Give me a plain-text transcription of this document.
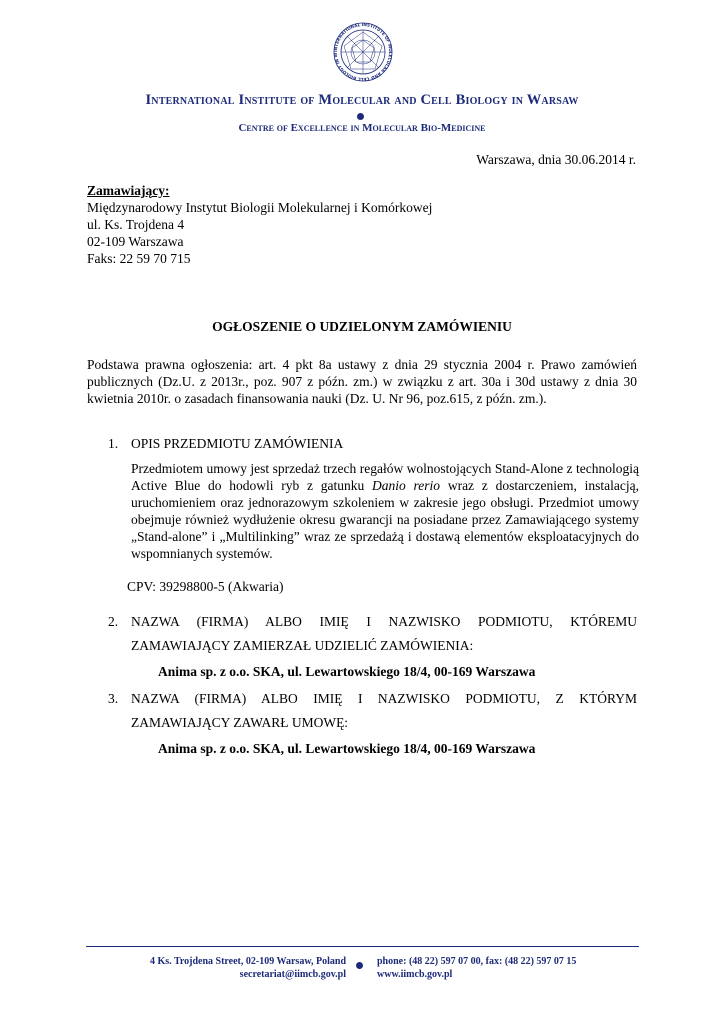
INTERNATIONAL INSTITUTE OF MOLECULAR AND CELL BIOLOGY IN W
International Institute of Molecular and Cell Biology in Warsaw
Centre of Excellence in Molecular Bio-Medicine
Warszawa, dnia 30.06.2014 r.
Zamawiający:
Międzynarodowy Instytut Biologii Molekularnej i Komórkowej
ul. Ks. Trojdena 4
02-109 Warszawa
Faks: 22 59 70 715
OGŁOSZENIE O UDZIELONYM ZAMÓWIENIU
Podstawa prawna ogłoszenia: art. 4 pkt 8a ustawy z dnia 29 stycznia 2004 r. Prawo zamówień publicznych (Dz.U. z 2013r., poz. 907 z późn. zm.) w związku z art. 30a i 30d ustawy z dnia 30 kwietnia 2010r. o zasadach finansowania nauki (Dz. U. Nr 96, poz.615, z późn. zm.).
1. OPIS PRZEDMIOTU ZAMÓWIENIA
Przedmiotem umowy jest sprzedaż trzech regałów wolnostojących Stand-Alone z technologią Active Blue do hodowli ryb z gatunku Danio rerio wraz z dostarczeniem, instalacją, uruchomieniem oraz jednorazowym szkoleniem w zakresie jego obsługi. Przedmiot umowy obejmuje również wydłużenie okresu gwarancji na posiadane przez Zamawiającego systemy „Stand-alone” i „Multilinking” wraz ze sprzedażą i dostawą elementów eksploatacyjnych do wspomnianych systemów.
CPV: 39298800-5 (Akwaria)
2. NAZWA (FIRMA) ALBO IMIĘ I NAZWISKO PODMIOTU, KTÓREMU
ZAMAWIAJĄCY ZAMIERZAŁ UDZIELIĆ ZAMÓWIENIA:
Anima sp. z o.o. SKA, ul. Lewartowskiego 18/4, 00-169 Warszawa
3. NAZWA (FIRMA) ALBO IMIĘ I NAZWISKO PODMIOTU, Z KTÓRYM
ZAMAWIAJĄCY ZAWARŁ UMOWĘ:
Anima sp. z o.o. SKA, ul. Lewartowskiego 18/4, 00-169 Warszawa
4 Ks. Trojdena Street, 02-109 Warsaw, Poland
secretariat@iimcb.gov.pl
phone: (48 22) 597 07 00, fax: (48 22) 597 07 15
www.iimcb.gov.pl
